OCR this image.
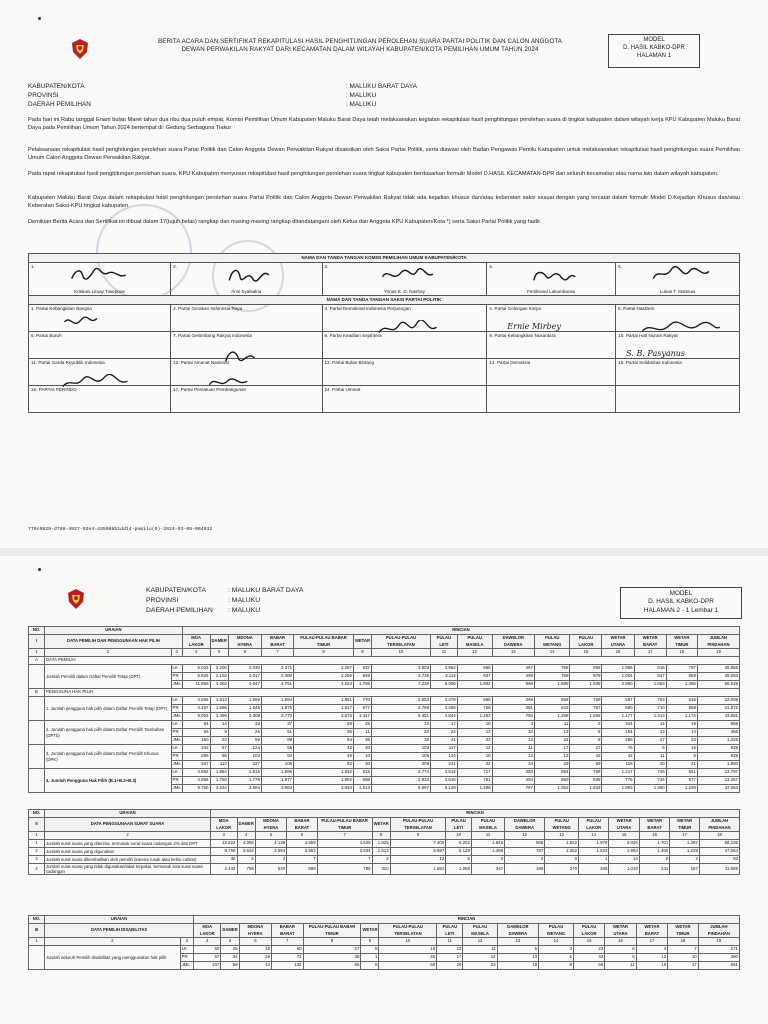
BERITA ACARA DAN SERTIFIKAT REKAPITULASI HASIL PENGHITUNGAN PEROLEHAN SUARA PARTAI POLITIK DAN CALON ANGGOTA
DEWAN PERWAKILAN RAKYAT DARI KECAMATAN DALAM WILAYAH KABUPATEN/KOTA PEMILIHAN UMUM TAHUN 2024
MODEL
D. HASIL KABKO-DPR
HALAMAN 1
KABUPATEN/KOTA	: MALUKU BARAT DAYA
PROVINSI	: MALUKU
DAERAH PEMILIHAN	: MALUKU
Pada hari ini Rabu tanggal Enam bulan Maret tahun dua ribu dua puluh empat, Komisi Pemilihan Umum Kabupaten Maluku Barat Daya telah melaksanakan kegiatan rekapitulasi hasil penghitungan perolehan suara di tingkat kabupaten dalam wilayah kerja KPU Kabupaten Maluku Barat Daya pada Pemilihan Umum Tahun 2024 bertempat di: Gedung Serbaguna Tiakur
Pelaksanaan rekapitulasi hasil penghitungan perolehan suara Partai Politik dan Calon Anggota Dewan Perwakilan Rakyat disaksikan oleh Saksi Partai Politik, serta diawasi oleh Badan Pengawas Pemilu Kabupaten untuk melaksanakan rekapitulasi hasil penghitungan suara Pemilihan Umum Calon Anggota Dewan Perwakilan Rakyat.
Pada rapat rekapitulasi hasil penghitungan perolehan suara, KPU Kabupaten menyusun rekapitulasi hasil penghitungan perolehan suara tingkat kabupaten berdasarkan formulir Model D.HASIL KECAMATAN-DPR dari seluruh kecamatan atau nama lain dalam wilayah kabupaten.
Kabupaten Maluku Barat Daya dalam rekapitulasi hasil penghitungan perolehan suara Partai Politik dan Calon Anggota Dewan Perwakilan Rakyat tidak ada kejadian khusus dan/atau keberatan saksi sesuai dengan yang tercatat dalam formulir Model D.Kejadian Khusus dan/atau Keberatan Saksi-KPU tingkat kabupaten.
Demikian Berita Acara dan Sertifikat ini dibuat dalam 17(tujuh belas) rangkap dan masing-masing rangkap ditandatangani oleh Ketua dan Anggota KPU Kabupaten/Kota *) serta Saksi Partai Politik yang hadir.
NAMA DAN TANDA TANGAN KOMISI PEMILIHAN UMUM KABUPATEN/KOTA				
1.
Kristiani Lituay Tiwepooe	2.
Ansi Syalsalna	3.
Yonas E. D. Nashay	4.
Ferdinand Lakumbaose	5.
Lukas T. Maltouw

NAMA DAN TANDA TANGAN SAKSI PARTAI POLITIK				
1. Partai Kebangkitan Bangsa	2. Partai Gerakan Indonesia Raya	3. Partai Demokrasi Indonesia Perjuangan	4. Partai Golongan Karya	5. Partai NasDem
6. Partai Buruh	7. Partai Gelombang Rakyat Indonesia	8. Partai Keadilan Sejahtera	9. Partai Kebangkitan Nusantara
Ernie Mirbey	10. Partai Hati Nurani Rakyat

11. Partai Garda Republik Indonesia	12. Partai Amanat Nasional	13. Partai Bulan Bintang	14. Partai Demokrat	15. Partai Solidaritas Indonesia
S. B. Pasyanus

16. PARTAI PERINDO	17. Partai Persatuan Pembangunan	24. Partai Ummat		
779c0829-d798-4927-93e4-435066b1dd14-pemilu(0)-2024-03-06-064932
KABUPATEN/KOTA	: MALUKU BARAT DAYA
PROVINSI	: MALUKU
DAERAH PEMILIHAN : MALUKU
MODEL
D. HASIL KABKO-DPR
HALAMAN 2 - 1 Lembar 1
NO.	URAIAN		RINCIAN															
I	DATA PEMILIH DAN PENGGUNAAN HAK PILIH		MOA LAKOR	DAMER	MDONA HYERA	BABAR BARAT	PULAU-PULAU BABAR TIMUR	WETAR	PULAU-PULAU TERSELATAN	PULAU LETI	PULAU MASELA	DAWELOR DAWERA	PULAU WETANG	PULAU LAKOR	WETAR UTARA	WETAR BARAT	WETAR TIMUR	JUMLAH PINDAHAN
1	2	3	4	5	6	7	8	9	10	11	12	13	14	15	16	17	18	19
A	DATA PEMILIH																	
	Jumlah Pemilih dalam Daftar Pemilih Tetap (DPT)	LK	6.033	2.200	2.030	2.371	2.267	937	3.503	2.952	865	467	796	956	1.956	816	797	28.856
		PR	5.925	2.102	2.017	2.380	2.256	849	3.736	3.114	937	499	789	979	1.004	847	659	28.093
		JML	11.958	4.302	4.047	4.751	4.523	1.786	7.239	6.066	1.802	966	1.585	1.935	2.960	1.663	1.366	56.949
B	PENGGUNA HAK PILIH																	
	1. Jumlah pengguna hak pilih dalam Daftar Pemilih Tetap (DPT)	LK	4.566	1.813	1.659	1.894	1.861	770	2.653	2.378	695	369	666	769	597	703	616	22.009
		PR	4.497	1.686	1.649	1.876	1.817	677	2.798	2.466	758	381	632	787	580	710	558	21.872
		JML	9.063	3.499	3.308	3.770	3.678	1.447	5.451	4.844	1.453	750	1.298	1.556	1.177	1.413	1.174	43.881
	2. Jumlah pengguna hak pilih dalam Daftar Pemilih Tambahan (DPTb)	LK	84	14	33	37	28	25	10	17	10	3	11	2	344	14	19	859
		PR	66	9	26	51	36	11	20	24	13	10	13	6	154	13	14	466
		JML	150	23	59	88	64	36	30	41	23	13	24	8	498	27	33	1.325
	3. Jumlah pengguna hak pilih dalam Daftar Pemilih Khusus (DPK)	LK	242	57	124	55	43	20	103	117	12	11	17	27	76	9	16	929
		PR	295	55	103	50	49	10	105	124	10	13	12	42	42	11	5	929
		JML	537	112	227	105	92	30	208	241	22	24	29	69	118	20	21	1.850
	4. Jumlah Pengguna Hak Pilih (B.1+B.2+B.3)	LK	4.892	1.884	1.816	1.986	1.932	815	2.774	2.512	717	383	694	798	1.217	726	651	23.797
		PR	4.858	1.750	1.778	1.977	1.902	698	2.923	2.616	781	404	650	835	776	734	577	23.267
		JML	9.750	3.634	3.594	3.963	3.834	1.513	5.697	5.128	1.498	787	1.352	1.633	1.993	1.460	1.228	47.064
NO.	URAIAN	RINCIAN															
II	DATA PENGGUNAAN SURAT SUARA	MOA LAKOR	DAMER	MDONA HYERA	BABAR BARAT	PULAU-PULAU BABAR TIMUR	WETAR	PULAU-PULAU TERSELATAN	PULAU LETI	PULAU MASELA	DAWELOR DAWERA	PULAU WETANG	PULAU LAKOR	WETAR UTARA	WETAR BARAT	WETAR TIMUR	JUMLAH PINDAHAN
1	2	3	4	5	6	7	8	9	10	11	12	13	14	15	16	17	18
1	Jumlah surat suara yang diterima, termasuk surat suara cadangan 2% dari DPT	12.222	4.396	4.138	4.859	4.626	1.825	7.400	6.202	1.845	988	1.622	1.979	3.026	1.701	1.397	58.226
2	Jumlah surat suara yang digunakan	9.750	3.634	3.594	3.963	3.834	1.513	5.697	5.128	1.498	787	1.352	1.633	1.993	1.460	1.228	47.064
3	Jumlah surat suara dikembalikan oleh pemilih (karena rusak atau keliru coblos)	30	6	4	7	7	2	12	6	0	2	0	1	14	0	2	93
4	Jumlah surat suara yang tidak digunakan/tidak terpakai, termasuk sisa surat suara cadangan	2.442	756	540	889	785	310	1.691	1.068	347	199	270	345	1.019	241	167	11.069
NO.	URAIAN		RINCIAN															
III	DATA PEMILIH DISABILITAS		MOA LAKOR	DAMER	MDONA HYERA	BABAR BARAT	PULAU-PULAU BABAR TIMUR	WETAR	PULAU-PULAU TERSELATAN	PULAU LETI	PULAU MASELA	DAWELOR DAWERA	PULAU WETANG	PULAU LAKOR	WETAR UTARA	WETAR BARAT	WETAR TIMUR	JUMLAH PINDAHAN
1	2	3	4	5	6	7	8	9	10	11	12	13	14	15	16	17	18	19
	Jumlah seluruh Pemilih disabilitas yang menggunakan hak pilih	LK	50	25	18	60	27	5	15	12	11	5	3	23	6	4	7	271
		PR	57	34	26	72	38	1	45	17	12	13	5	43	5	12	10	390
		JML	107	59	44	132	65	6	60	29	23	18	8	66	11	16	17	661
